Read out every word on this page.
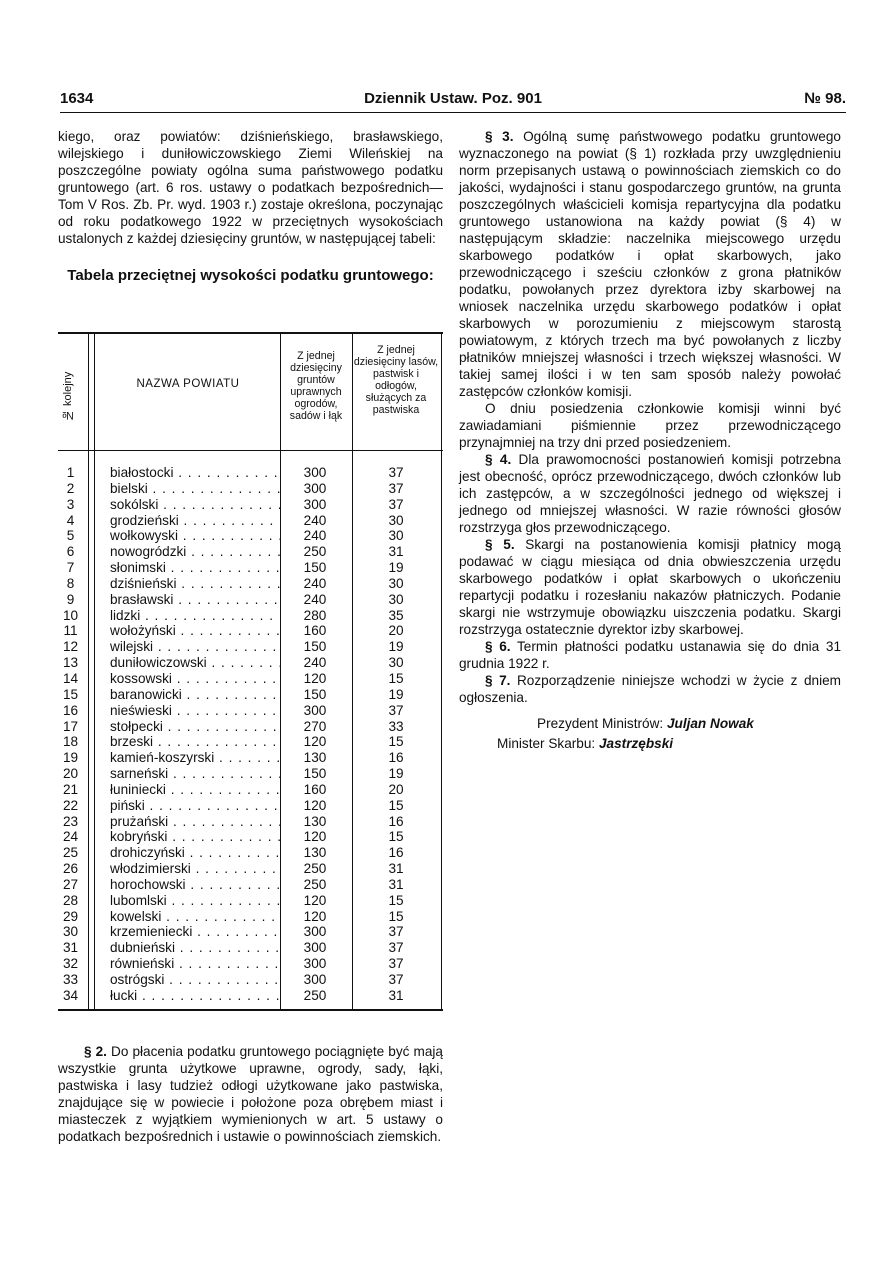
1634	Dziennik Ustaw. Poz. 901	№ 98.

kiego, oraz powiatów: dziśnieńskiego, brasławskiego, wilejskiego i duniłowiczowskiego Ziemi Wileńskiej na poszczególne powiaty ogólna suma państwowego podatku gruntowego (art. 6 ros. ustawy o podatkach bezpośrednich—Tom V Ros. Zb. Pr. wyd. 1903 r.) zostaje określona, poczynając od roku podatkowego 1922 w przeciętnych wysokościach ustalonych z każdej dziesięciny gruntów, w następującej tabeli:

Tabela przeciętnej wysokości podatku gruntowego:
№ kolejny	NAZWA POWIATU
Z jednej dziesięciny gruntów uprawnych ogrodów, sadów i łąk
Z jednej dziesięciny lasów, pastwisk i odłogów, służących za pastwiska
1	białostocki . . .	300	37
2	bielski . . .	300	37
3	sokólski . . .	300	37
4	grodzieński . . .	240	30
5	wołkowyski . . .	240	30
6	nowogródzki . . .	250	31
7	słonimski . . .	150	19
8	dziśnieński . . .	240	30
9	brasławski . . .	240	30
10	lidzki . . .	280	35
11	wołożyński . . .	160	20
12	wilejski . . .	150	19
13	duniłowiczowski . . .	240	30
14	kossowski . . .	120	15
15	baranowicki . . .	150	19
16	nieświeski . . .	300	37
17	stołpecki . . .	270	33
18	brzeski . . .	120	15
19	kamień-koszyrski . . .	130	16
20	sarneński . . .	150	19
21	łuniniecki . . .	160	20
22	piński . . .	120	15
23	prużański . . .	130	16
24	kobryński . . .	120	15
25	drohiczyński . . .	130	16
26	włodzimierski . . .	250	31
27	horochowski . . .	250	31
28	lubomlski . . .	120	15
29	kowelski . . .	120	15
30	krzemieniecki . . .	300	37
31	dubnieński . . .	300	37
32	równieński . . .	300	37
33	ostrógski . . .	300	37
34	łucki . . .	250	31

§ 2. Do płacenia podatku gruntowego pociągnięte być mają wszystkie grunta użytkowe uprawne, ogrody, sady, łąki, pastwiska i lasy tudzież odłogi użytkowane jako pastwiska, znajdujące się w powiecie i położone poza obrębem miast i miasteczek z wyjątkiem wymienionych w art. 5 ustawy o podatkach bezpośrednich i ustawie o powinnościach ziemskich.

§ 3. Ogólną sumę państwowego podatku gruntowego wyznaczonego na powiat (§ 1) rozkłada przy uwzględnieniu norm przepisanych ustawą o powinnościach ziemskich co do jakości, wydajności i stanu gospodarczego gruntów, na grunta poszczególnych właścicieli komisja repartycyjna dla podatku gruntowego ustanowiona na każdy powiat (§ 4) w następującym składzie: naczelnika miejscowego urzędu skarbowego podatków i opłat skarbowych, jako przewodniczącego i sześciu członków z grona płatników podatku, powołanych przez dyrektora izby skarbowej na wniosek naczelnika urzędu skarbowego podatków i opłat skarbowych w porozumieniu z miejscowym starostą powiatowym, z których trzech ma być powołanych z liczby płatników mniejszej własności i trzech większej własności. W takiej samej ilości i w ten sam sposób należy powołać zastępców członków komisji.

O dniu posiedzenia członkowie komisji winni być zawiadamiani piśmiennie przez przewodniczącego przynajmniej na trzy dni przed posiedzeniem.

§ 4. Dla prawomocności postanowień komisji potrzebna jest obecność, oprócz przewodniczącego, dwóch członków lub ich zastępców, a w szczególności jednego od większej i jednego od mniejszej własności. W razie równości głosów rozstrzyga głos przewodniczącego.

§ 5. Skargi na postanowienia komisji płatnicy mogą podawać w ciągu miesiąca od dnia obwieszczenia urzędu skarbowego podatków i opłat skarbowych o ukończeniu repartycji podatku i rozesłaniu nakazów płatniczych. Podanie skargi nie wstrzymuje obowiązku uiszczenia podatku. Skargi rozstrzyga ostatecznie dyrektor izby skarbowej.

§ 6. Termin płatności podatku ustanawia się do dnia 31 grudnia 1922 r.

§ 7. Rozporządzenie niniejsze wchodzi w życie z dniem ogłoszenia.

Prezydent Ministrów: Juljan Nowak
Minister Skarbu: Jastrzębski
